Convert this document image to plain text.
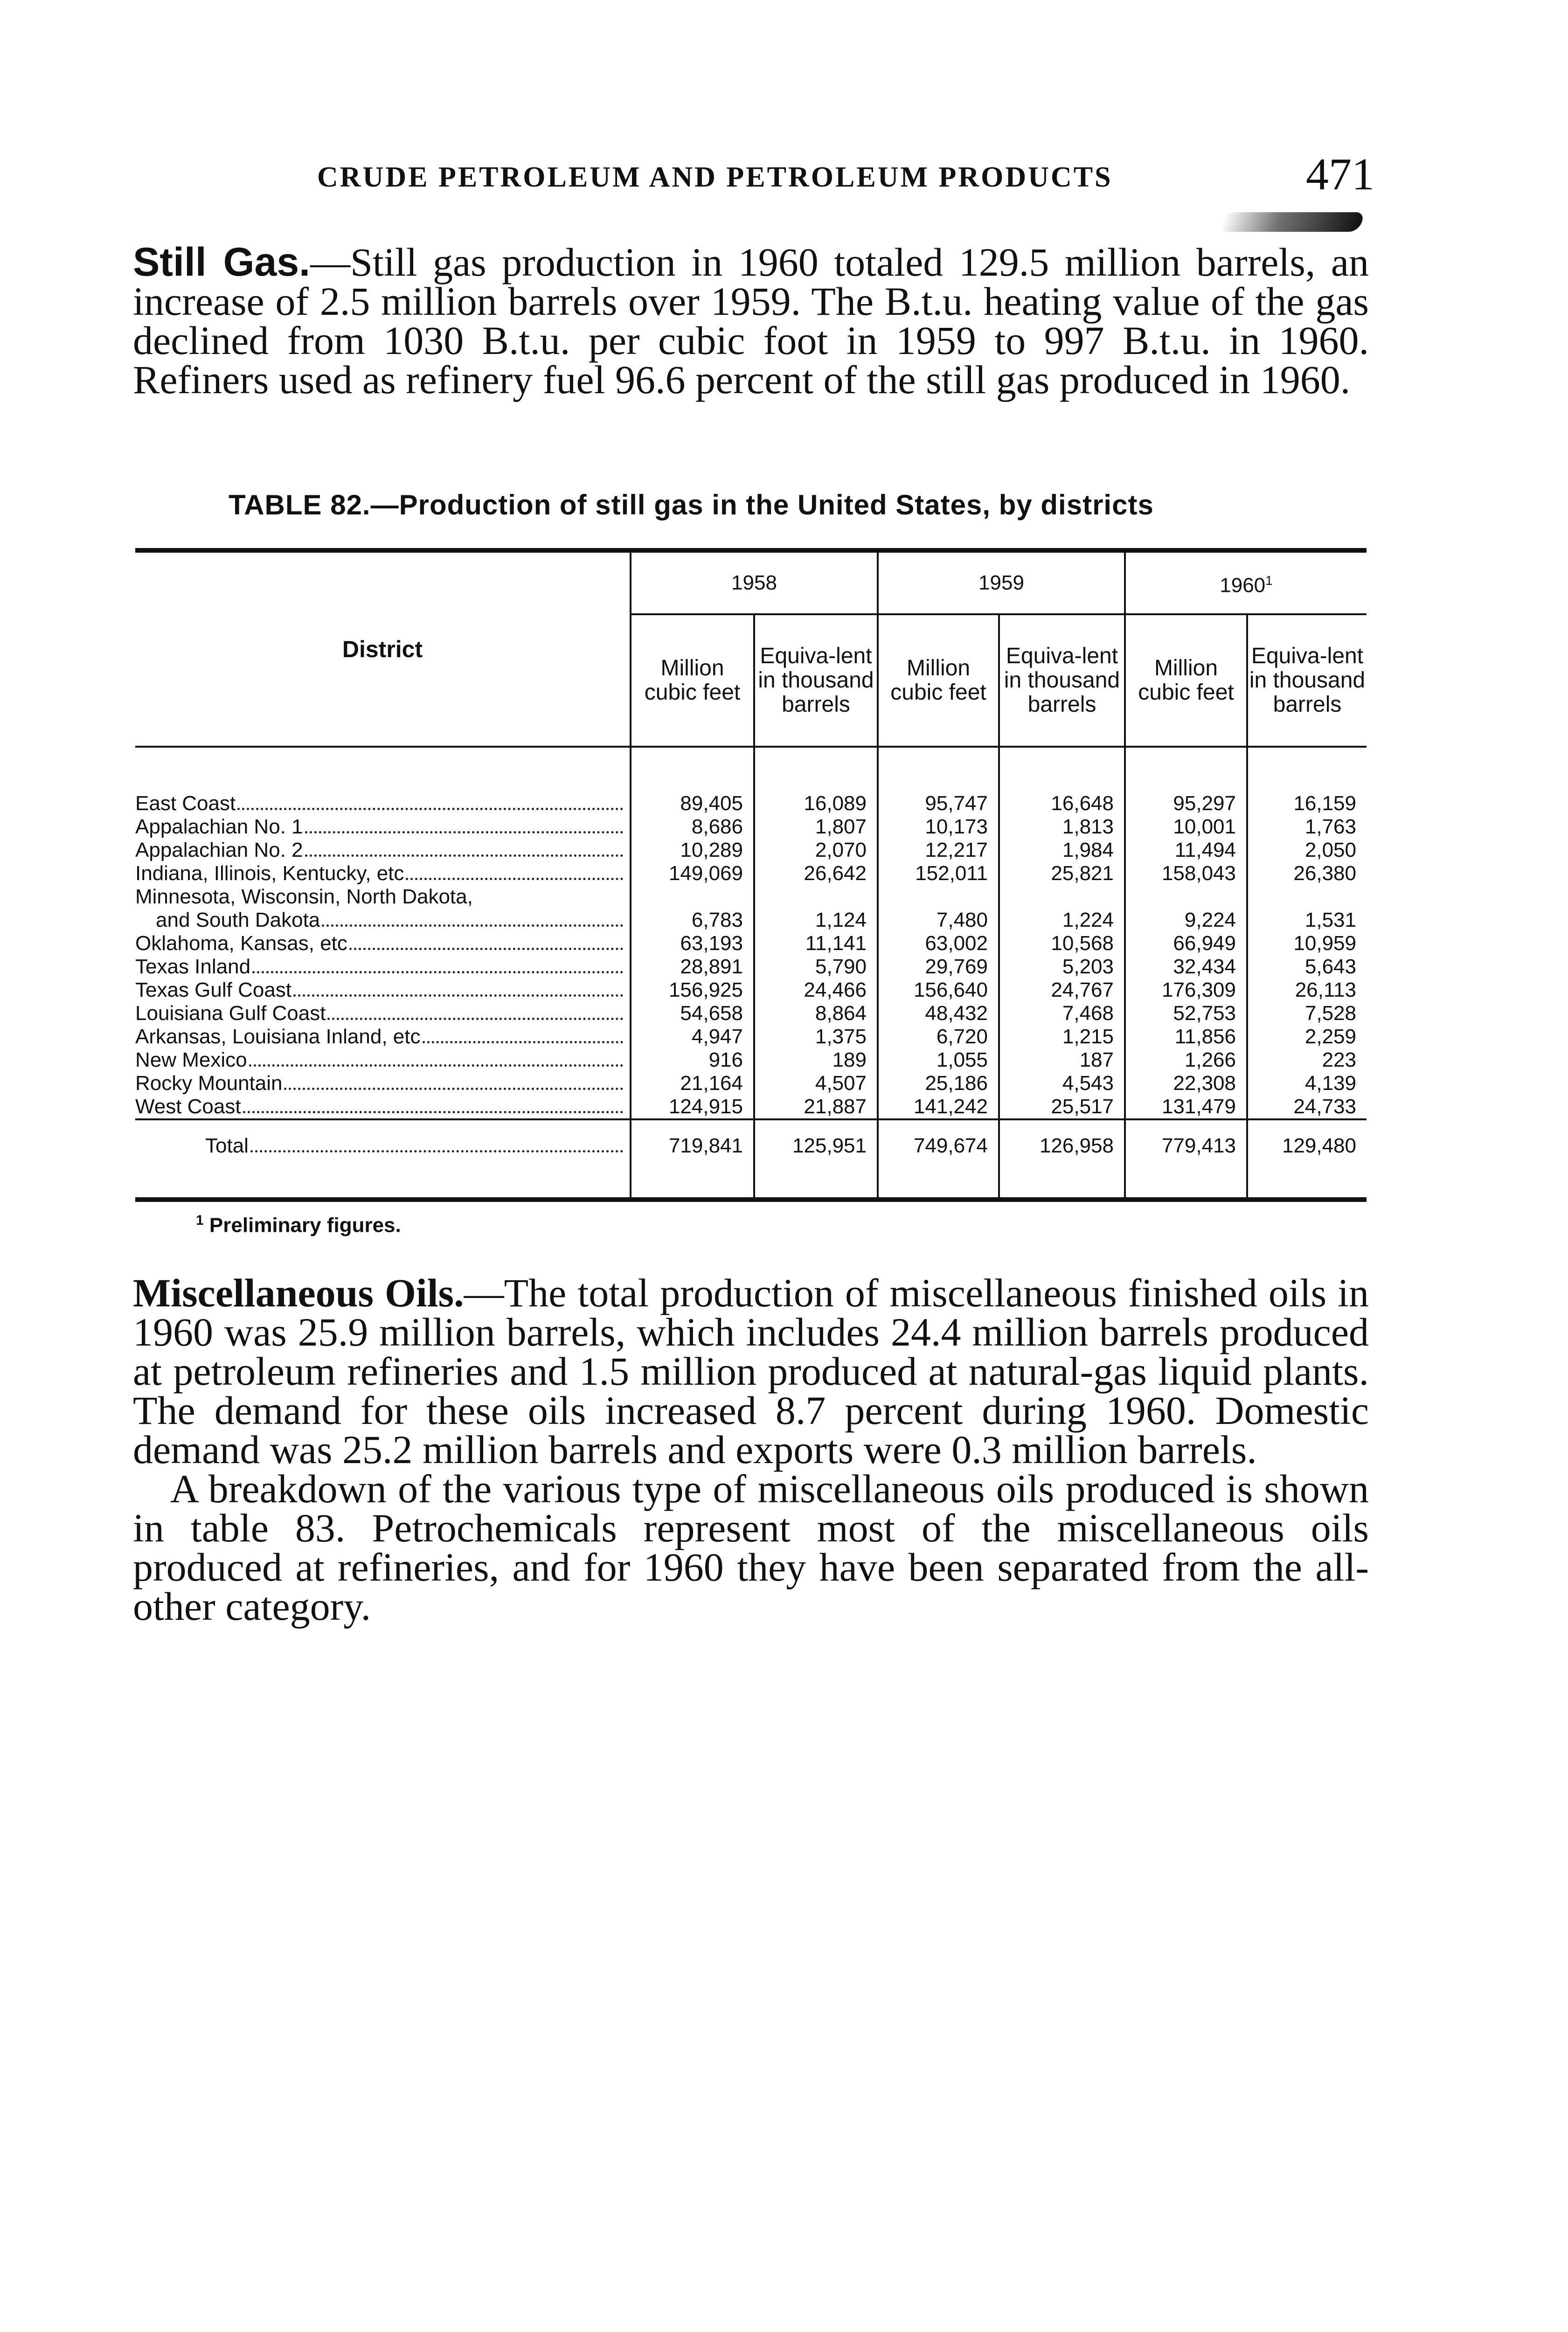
CRUDE PETROLEUM AND PETROLEUM PRODUCTS	471

Still Gas.—Still gas production in 1960 totaled 129.5 million barrels, an increase of 2.5 million barrels over 1959. The B.t.u. heating value of the gas declined from 1030 B.t.u. per cubic foot in 1959 to 997 B.t.u. in 1960. Refiners used as refinery fuel 96.6 percent of the still gas produced in 1960.

TABLE 82.—Production of still gas in the United States, by districts
District	1958		1959		1960$^1$
	Million cubic feet	Equiva-lent in thousand barrels	Million cubic feet	Equiva-lent in thousand barrels	Million cubic feet	Equiva-lent in thousand barrels

East Coast	89,405	16,089	95,747	16,648	95,297	16,159

Appalachian No. 1	8,686	1,807	10,173	1,813	10,001	1,763

Appalachian No. 2	10,289	2,070	12,217	1,984	11,494	2,050

Indiana, Illinois, Kentucky, etc	149,069	26,642	152,011	25,821	158,043	26,380

Minnesota, Wisconsin, North Dakota,
and South Dakota	6,783	1,124	7,480	1,224	9,224	1,531

Oklahoma, Kansas, etc	63,193	11,141	63,002	10,568	66,949	10,959

Texas Inland	28,891	5,790	29,769	5,203	32,434	5,643

Texas Gulf Coast	156,925	24,466	156,640	24,767	176,309	26,113

Louisiana Gulf Coast	54,658	8,864	48,432	7,468	52,753	7,528

Arkansas, Louisiana Inland, etc	4,947	1,375	6,720	1,215	11,856	2,259

New Mexico	916	189	1,055	187	1,266	223

Rocky Mountain	21,164	4,507	25,186	4,543	22,308	4,139

West Coast	124,915	21,887	141,242	25,517	131,479	24,733

Total	719,841	125,951	749,674	126,958	779,413	129,480

$^1$ Preliminary figures.

Miscellaneous Oils.—The total production of miscellaneous finished oils in 1960 was 25.9 million barrels, which includes 24.4 million barrels produced at petroleum refineries and 1.5 million produced at natural-gas liquid plants. The demand for these oils increased 8.7 percent during 1960. Domestic demand was 25.2 million barrels and exports were 0.3 million barrels.

A breakdown of the various type of miscellaneous oils produced is shown in table 83. Petrochemicals represent most of the miscellaneous oils produced at refineries, and for 1960 they have been separated from the all-other category.
